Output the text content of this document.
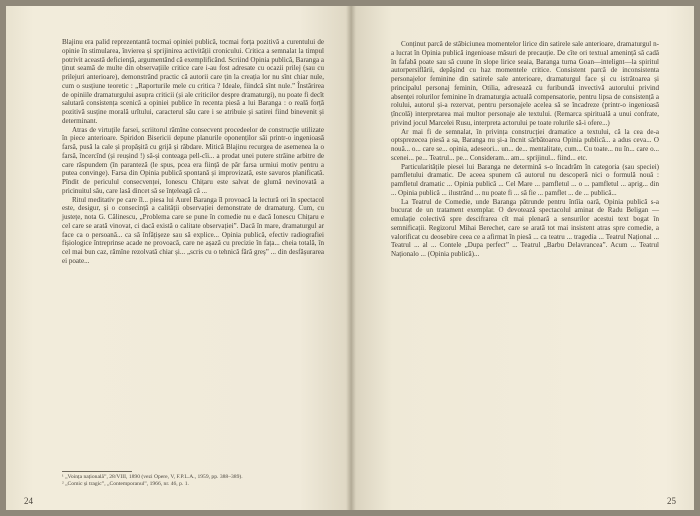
Blajinu era palid reprezentantă tocmai opiniei publică, tocmai forța pozitivă a curentului de opinie în stimularea, învierea și sprijinirea activității cronicului. Critica a semnalat la timpul potrivit această deficiență, argumentând că exemplificând. Scriind Opinia publică, Baranga a ținut seamă de multe din observațiile critice care i-au fost adresate cu ocazii prilej (sau cu prilejuri anterioare), demonstrând practic că autorii care țin la creația lor nu sînt chiar nule, cum o susțiune teoretic : „Raporturile mele cu critica ? Ideale, fiindcă sînt nule.” Înstărirea de opiniile dramaturgului asupra criticii (și ale criticilor despre dramaturgi), nu poate fi decît salutară consistența scenică a opiniei publice în recenta piesă a lui Baranga : o reală forță pozitivă susține morală urîtului, caracterul său care i se atribuie și satirei fiind binevenit și determinant.

Atras de virtuțile farsei, scriitorul rămîne consecvent procedeelor de construcție utilizate în piece anterioare. Spiridon Bisericii depune planurile oponenților săi printr-o ingenioasă farsă, pusă la cale și propășită cu grijă și răbdare. Mitică Blajinu recurgea de asemenea la o farsă, încercînd (și reușind !) să-și conteaga pell-cîi... a prodat unei putere străine arbitre de care răspundem (în paranteză (le spus, pcea era ființă de păr farsa urmiui motiv pentru a putea convinge). Farsa din Opinia publică spontană și improvizată, este savuros planificată. Pîndit de periculul consecvenței, Ionescu Chițaru este salvat de glumă nevinovată a pricinuitul său, care lasă dincet să se înțeleagă că ...

Ritul meditativ pe care îl... piesa lui Aurel Baranga îl provoacă la lectură ori în spectacol este, desigur, și o consecință a calității observației demonstrate de dramaturg. Cum, cu justețe, nota G. Călinescu, „Problema care se pune în comedie nu e dacă Ionescu Chițaru e cel care se arată vinovat, ci dacă există o calitate observației”. Dacă în mare, dramaturgul ar face ca o persoană... ca să înfățișeze sau să explice... Opinia publică, efectiv radiografiei fișiologice întreprinse acade ne provoacă, care ne așază cu precizie în fața... cheia totală, în cel mai bun caz, rămîne rezolvată chiar și... „scris cu o tehnică fără greș” ... din desfășurarea ei poate...

¹ „Voința națională”, 28/VIII, 1890 (vezi Opere, V, F.P.L.A., 1959, pp. 388–389).
² „Comic și tragic”, „Contemporanul”, 1966, nr. 46, p. 1.
24

Conținut parcă de stăbiciunea momentelor lirice din satirele sale anterioare, dramaturgul n-a lucrat în Opinia publică ingenioase măsuri de precauție. De cîte ori textual amenință să cadă în fafabă poate sau să cuune în slope lirice seaia, Baranga turna Goan—intelignt—la spiritul autorpersiflării, depășind cu haz momentele critice. Consistent parcă de inconsistenta personajelor feminine din satirele sale anterioare, dramaturgul face și cu istrătoarea și principalul personaj feminin, Otilia, adresează cu furibundă invectivă autorului privind absenței rolurilor feminine în dramaturgia actuală compensatorie, pentru lipsa de consistență a rolului, autorul și-a rezervat, pentru personajele acelea să se încadreze (printr-o ingenioasă țîncolă) interpretarea mai multor personaje ale textului. (Remarca spirituală a unui confrate, privind jocul Marcelei Rusu, interpreta actorului pe toate rolurile să-i ofere...)

Ar mai fi de semnalat, în privința construcției dramatice a textului, că la cea de-a optsprezecea piesă a sa, Baranga nu și-a încnit sărbătoarea Opinia publică... a adus ceva... O nouă... o... care se... opinia, adeseori... un... de... mentalitate, cum... Cu toate... nu în... care o... scenei... pe... Teatrul... pe... Consideram... am... sprijinul... fiind... etc.

Particularitățile piesei lui Baranga ne determină s-o încadrăm în categoria (sau speciei) pamfletului dramatic. De aceea spunem că autorul nu descoperă nici o formulă nouă : pamfletul dramatic ... Opinia publică ... Cel Mare ... pamfletul ... o ... pamfletul ... aprig... din ... Opinia publică ... ilustrând ... nu poate fi ... să fie ... pamflet ... de ... publică...

La Teatrul de Comedie, unde Baranga pătrunde pentru întîia oară, Opinia publică s-a bucurat de un tratament exemplar. O devotează spectacolul aminat de Radu Beligan — emulație colectivă spre descifrarea cît mai plenară a sensurilor acestui text bogat în semnificații. Regizorul Mihai Berechet, care se arată tot mai insistent atras spre comedie, a valorificat cu deosebire ceea ce a afirmat în piesă ... ca teatru ... tragedia ... Teatrul Național ... Teatrul ... al ... Contele „Dupa perfect” ... Teatrul „Barbu Delavrancea”. Acum ... Teatrul Naționalo ... (Opinia publică)...

25
